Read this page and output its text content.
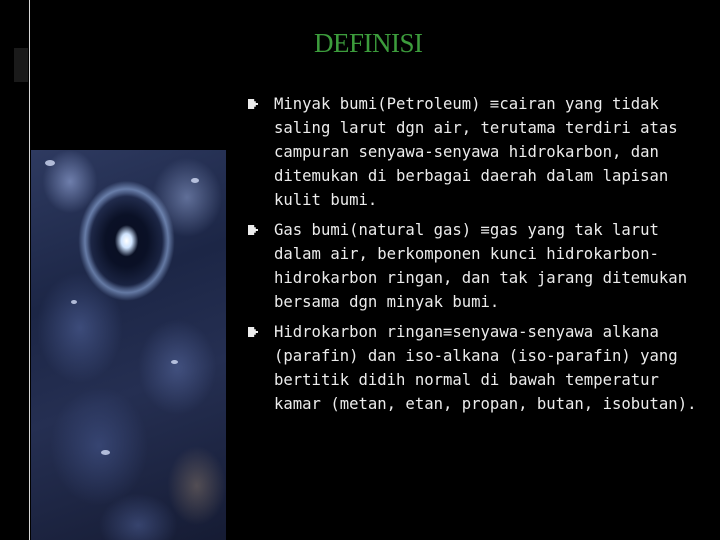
DEFINISI
Minyak bumi(Petroleum) ≡cairan yang tidak saling larut dgn air, terutama terdiri atas campuran senyawa-senyawa hidrokarbon, dan ditemukan di berbagai daerah dalam lapisan kulit bumi.
Gas bumi(natural gas) ≡gas yang tak larut dalam air, berkomponen kunci hidrokarbon-hidrokarbon ringan, dan tak jarang ditemukan bersama dgn minyak bumi.
Hidrokarbon ringan≡senyawa-senyawa alkana (parafin) dan iso-alkana (iso-parafin) yang bertitik didih normal di bawah temperatur kamar (metan, etan, propan, butan, isobutan).
